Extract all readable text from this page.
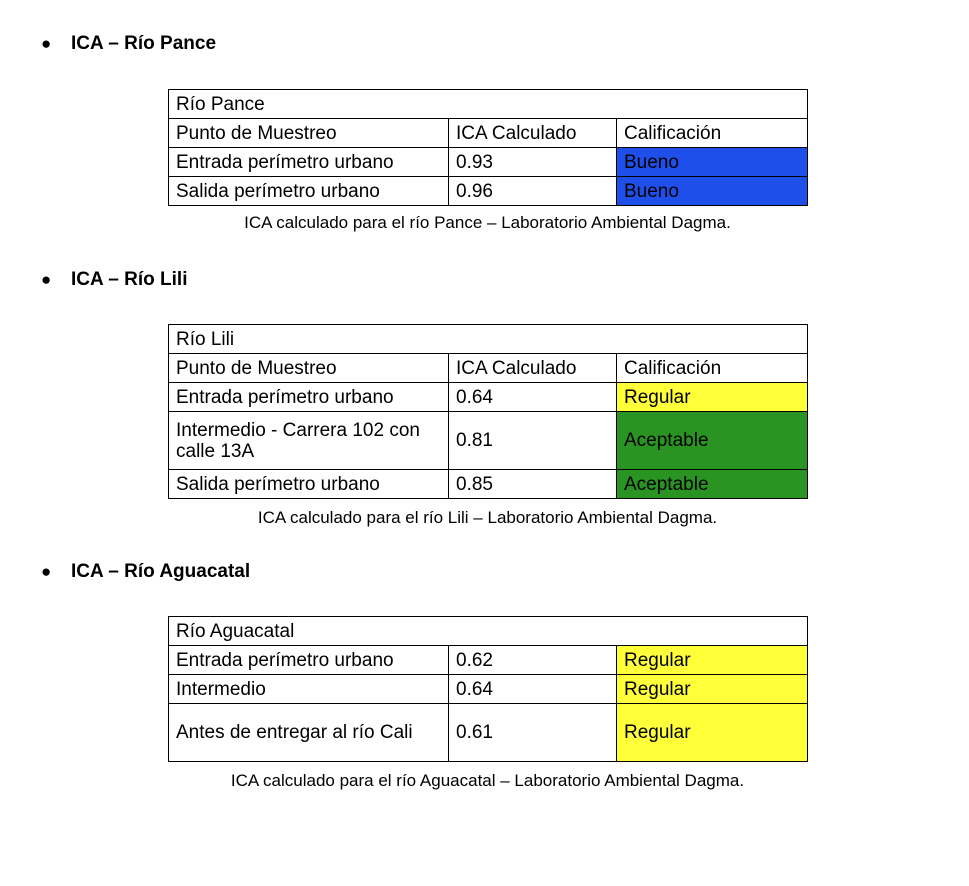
●	ICA – Río Pance
Río Pance		
Punto de Muestreo	ICA Calculado	Calificación
Entrada perímetro urbano	0.93	Bueno
Salida perímetro urbano	0.96	Bueno
ICA calculado para el río Pance – Laboratorio Ambiental Dagma.
●	ICA – Río Lili
Río Lili		
Punto de Muestreo	ICA Calculado	Calificación
Entrada perímetro urbano	0.64	Regular
Intermedio - Carrera 102 con calle 13A	0.81	Aceptable
Salida perímetro urbano	0.85	Aceptable
ICA calculado para el río Lili – Laboratorio Ambiental Dagma.
●	ICA – Río Aguacatal
Río Aguacatal		
Entrada perímetro urbano	0.62	Regular
Intermedio	0.64	Regular
Antes de entregar al río Cali	0.61	Regular
ICA calculado para el río Aguacatal – Laboratorio Ambiental Dagma.
